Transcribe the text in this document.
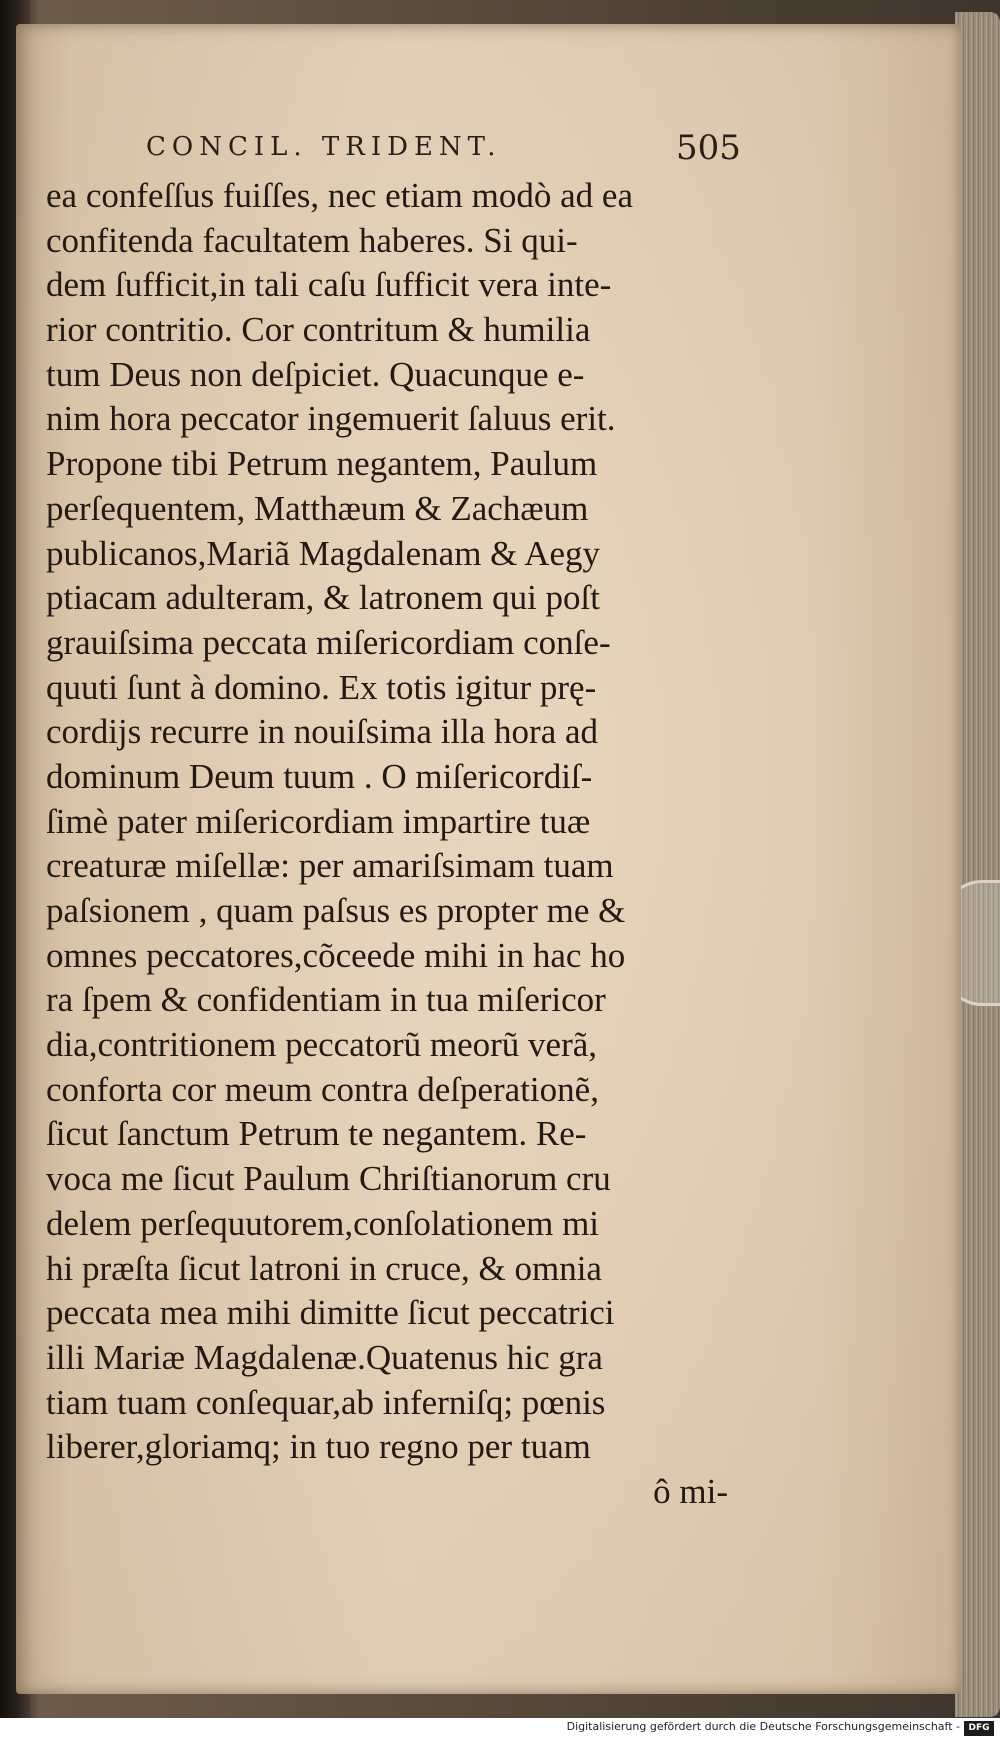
CONCIL. TRIDENT.	505
ea confeſſus fuiſſes, nec etiam modò ad ea
confitenda facultatem haberes. Si qui-
dem ſufficit,in tali caſu ſufficit vera inte-
rior contritio. Cor contritum & humilia
tum Deus non deſpiciet. Quacunque e-
nim hora peccator ingemuerit ſaluus erit.
Propone tibi Petrum negantem, Paulum
perſequentem, Matthæum & Zachæum
publicanos,Mariã Magdalenam & Aegy
ptiacam adulteram, & latronem qui poſt
grauiſsima peccata miſericordiam conſe-
quuti ſunt à domino. Ex totis igitur prę-
cordijs recurre in nouiſsima illa hora ad
dominum Deum tuum . O miſericordiſ-
ſimè pater miſericordiam impartire tuæ
creaturæ miſellæ: per amariſsimam tuam
paſsionem , quam paſsus es propter me &
omnes peccatores,cõceede mihi in hac ho
ra ſpem & confidentiam in tua miſericor
dia,contritionem peccatorũ meorũ verã,
conforta cor meum contra deſperationẽ,
ſicut ſanctum Petrum te negantem. Re-
voca me ſicut Paulum Chriſtianorum cru
delem perſequutorem,conſolationem mi
hi præſta ſicut latroni in cruce, & omnia
peccata mea mihi dimitte ſicut peccatrici
illi Mariæ Magdalenæ.Quatenus hic gra
tiam tuam conſequar,ab inferniſq; pœnis
liberer,gloriamq; in tuo regno per tuam
ô mi-
Digitalisierung gefördert durch die Deutsche Forschungsgemeinschaft - DFG
